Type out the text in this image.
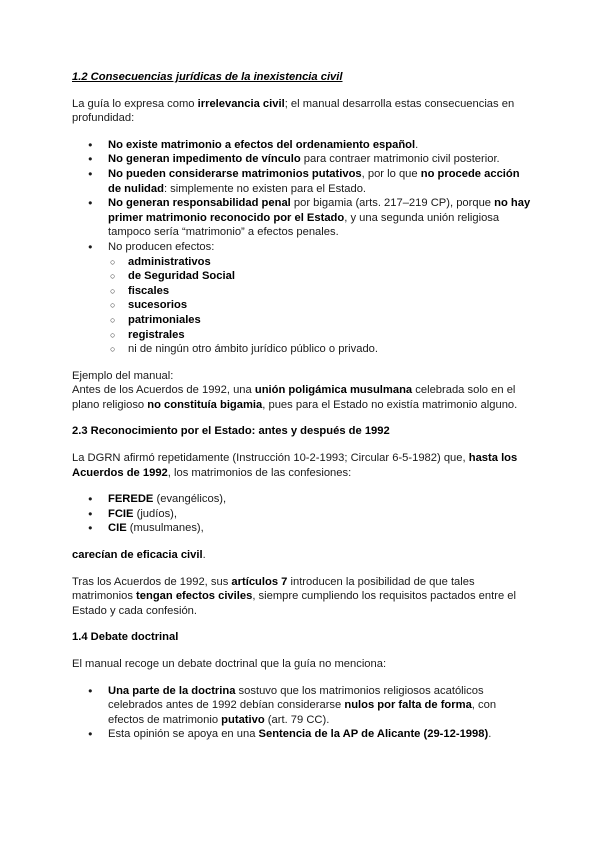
1.2 Consecuencias jurídicas de la inexistencia civil

La guía lo expresa como irrelevancia civil; el manual desarrolla estas consecuencias en profundidad:

● No existe matrimonio a efectos del ordenamiento español.
● No generan impedimento de vínculo para contraer matrimonio civil posterior.
● No pueden considerarse matrimonios putativos, por lo que no procede acción de nulidad: simplemente no existen para el Estado.
● No generan responsabilidad penal por bigamia (arts. 217–219 CP), porque no hay primer matrimonio reconocido por el Estado, y una segunda unión religiosa tampoco sería “matrimonio” a efectos penales.
● No producen efectos:
○ administrativos
○ de Seguridad Social
○ fiscales
○ sucesorios
○ patrimoniales
○ registrales
○ ni de ningún otro ámbito jurídico público o privado.

Ejemplo del manual:

Antes de los Acuerdos de 1992, una unión poligámica musulmana celebrada solo en el plano religioso no constituía bigamia, pues para el Estado no existía matrimonio alguno.

2.3 Reconocimiento por el Estado: antes y después de 1992

La DGRN afirmó repetidamente (Instrucción 10-2-1993; Circular 6-5-1982) que, hasta los Acuerdos de 1992, los matrimonios de las confesiones:

● FEREDE (evangélicos),
● FCIE (judíos),
● CIE (musulmanes),

carecían de eficacia civil.

Tras los Acuerdos de 1992, sus artículos 7 introducen la posibilidad de que tales matrimonios tengan efectos civiles, siempre cumpliendo los requisitos pactados entre el Estado y cada confesión.

1.4 Debate doctrinal

El manual recoge un debate doctrinal que la guía no menciona:

● Una parte de la doctrina sostuvo que los matrimonios religiosos acatólicos celebrados antes de 1992 debían considerarse nulos por falta de forma, con efectos de matrimonio putativo (art. 79 CC).
● Esta opinión se apoya en una Sentencia de la AP de Alicante (29-12-1998).
